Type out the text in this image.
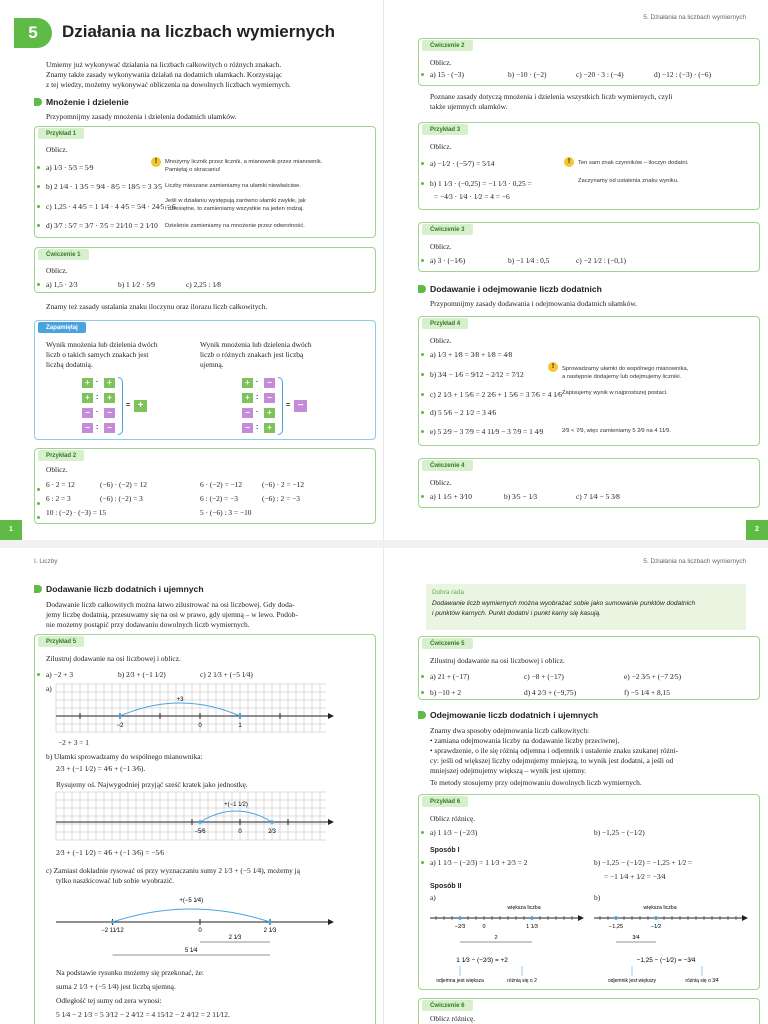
5	Działania na liczbach wymiernych
Umiemy już wykonywać działania na liczbach całkowitych o różnych znakach.
Znamy także zasady wykonywania działań na dodatnich ułamkach. Korzystając
z tej wiedzy, możemy wykonywać obliczenia na dowolnych liczbach wymiernych.
Mnożenie i dzielenie
Przypomnijmy zasady mnożenia i dzielenia dodatnich ułamków.
Przykład 1
Oblicz.
a) 1⁄3 · 5⁄3 = 5⁄9
b) 2 1⁄4 · 1 3⁄5 = 9⁄4 · 8⁄5 = 18⁄5 = 3 3⁄5
c) 1,25 · 4 4⁄5 = 1 1⁄4 · 4 4⁄5 = 5⁄4 · 24⁄5 = 6
d) 3⁄7 : 5⁄7 = 3⁄7 · 7⁄5 = 21⁄10 = 2 1⁄10
!	Mnożymy licznik przez licznik, a mianownik przez mianownik.
Pamiętaj o skracaniu!
Liczby mieszane zamieniamy na ułamki niewłaściwe.
Jeśli w działaniu występują zarówno ułamki zwykłe, jak
i dziesiętne, to zamieniamy wszystkie na jeden rodzaj.
Dzielenie zamieniamy na mnożenie przez odwrotność.
Ćwiczenie 1
Oblicz.
a) 1,5 · 2⁄3	b) 1 1⁄2 · 5⁄9	c) 2,25 : 1⁄8
Znamy też zasady ustalania znaku iloczynu oraz ilorazu liczb całkowitych.
Zapamiętaj
Wynik mnożenia lub dzielenia dwóch
liczb o takich samych znakach jest
liczbą dodatnią.
Wynik mnożenia lub dzielenia dwóch
liczb o różnych znakach jest liczbą
ujemną.
Przykład 2
Oblicz.
1
+	+
·
+	+
:
−	−
·
−	−
:
= +
+	−
·
+	−
:
−	+
·
−	+
:
= −
6 · 2 = 12	(−6) · (−2) = 12	6 · (−2) = −12	(−6) · 2 = −12
6 : 2 = 3	(−6) : (−2) = 3	6 : (−2) = −3	(−6) : 2 = −3
10 : (−2) · (−3) = 15	5 · (−6) : 3 = −10
5. Działania na liczbach wymiernych
Ćwiczenie 2
Oblicz.
a) 15 · (−3)	b) −10 · (−2)	c) −20 · 3 : (−4)	d) −12 : (−3) · (−6)
Poznane zasady dotyczą mnożenia i dzielenia wszystkich liczb wymiernych, czyli
także ujemnych ułamków.
Przykład 3
Oblicz.
a) −1⁄2 · (−5⁄7) = 5⁄14
b) 1 1⁄3 · (−0,25) = −1 1⁄3 · 0,25 =
= −4⁄3 · 1⁄4 · 1⁄2 = 4 = −6
!	Ten sam znak czynników – iloczyn dodatni.
Zaczynamy od ustalenia znaku wyniku.
Ćwiczenie 3
Oblicz.
a) 3 · (−1⁄6)	b) −1 1⁄4 : 0,5	c) −2 1⁄2 : (−0,1)
Dodawanie i odejmowanie liczb dodatnich
Przypomnijmy zasady dodawania i odejmowania dodatnich ułamków.
Przykład 4
Oblicz.
a) 1⁄3 + 1⁄8 = 3⁄8 + 1⁄8 = 4⁄8
b) 3⁄4 − 1⁄6 = 9⁄12 − 2⁄12 = 7⁄12
c) 2 1⁄3 + 1 5⁄6 = 2 2⁄6 + 1 5⁄6 = 3 7⁄6 = 4 1⁄6
d) 5 5⁄6 − 2 1⁄2 = 3 4⁄6
e) 5 2⁄9 − 3 7⁄9 = 4 11⁄9 − 3 7⁄9 = 1 4⁄9
!	Sprowadzamy ułamki do wspólnego mianownika,
a następnie dodajemy lub odejmujemy liczniki.
Zapisujemy wynik w najprostszej postaci.
2⁄9 < 7⁄9, więc zamieniamy 5 2⁄9 na 4 11⁄9.
Ćwiczenie 4
Oblicz.
a) 1 1⁄5 + 3⁄10	b) 3⁄5 − 1⁄3	c) 7 1⁄4 − 5 3⁄8
2
I. Liczby
Dodawanie liczb dodatnich i ujemnych
Dodawanie liczb całkowitych można łatwo zilustrować na osi liczbowej. Gdy doda-
jemy liczbę dodatnią, przesuwamy się na osi w prawo, gdy ujemną – w lewo. Podob-
nie możemy postąpić przy dodawaniu dowolnych liczb wymiernych.
Przykład 5
Zilustruj dodawanie na osi liczbowej i oblicz.
a) −2 + 3	b) 2⁄3 + (−1 1⁄2)	c) 2 1⁄3 + (−5 1⁄4)
a)
−2	0	1
+3
−2 + 3 = 1
b) Ułamki sprowadzamy do wspólnego mianownika:
2⁄3 + (−1 1⁄2) = 4⁄6 + (−1 3⁄6).
Rysujemy oś. Najwygodniej przyjąć sześć kratek jako jednostkę.
−5⁄6	0	2⁄3
+(−1 1⁄2)
2⁄3 + (−1 1⁄2) = 4⁄6 + (−1 3⁄6) = −5⁄6
c) Zamiast dokładnie rysować oś przy wyznaczaniu sumy 2 1⁄3 + (−5 1⁄4), możemy ją
tylko naszkicować lub sobie wyobrazić.
−2 11⁄12	0	2 1⁄3
+(−5 1⁄4)
2 1⁄3
5 1⁄4
Na podstawie rysunku możemy się przekonać, że:
suma 2 1⁄3 + (−5 1⁄4) jest liczbą ujemną.
Odległość tej sumy od zera wynosi:
5 1⁄4 − 2 1⁄3 = 5 3⁄12 − 2 4⁄12 = 4 15⁄12 − 2 4⁄12 = 2 11⁄12.
5. Działania na liczbach wymiernych
Dobra rada
Dodawanie liczb wymiernych można wyobrażać sobie jako sumowanie punktów dodatnich
i punktów karnych. Punkt dodatni i punkt karny się kasują.
Ćwiczenie 5
Zilustruj dodawanie na osi liczbowej i oblicz.
a) 21 + (−17)	c) −8 + (−17)	e) −2 3⁄5 + (−7 2⁄5)
b) −10 + 2	d) 4 2⁄3 + (−9,75)	f) −5 1⁄4 + 8,15
Odejmowanie liczb dodatnich i ujemnych
Znamy dwa sposoby odejmowania liczb całkowitych:
• zamiana odejmowania liczby na dodawanie liczby przeciwnej,
• sprawdzenie, o ile się różnią odjemna i odjemnik i ustalenie znaku szukanej różni-
cy: jeśli od większej liczby odejmujemy mniejszą, to wynik jest dodatni, a jeśli od
mniejszej odejmujemy większą – wynik jest ujemny.
Te metody stosujemy przy odejmowaniu dowolnych liczb wymiernych.
Przykład 6
Oblicz różnicę.
a) 1 1⁄3 − (−2⁄3)	b) −1,25 − (−1⁄2)
Sposób I
a) 1 1⁄3 − (−2⁄3) = 1 1⁄3 + 2⁄3 = 2	b) −1,25 − (−1⁄2) = −1,25 + 1⁄2 =
= −1 1⁄4 + 1⁄2 = −3⁄4
Sposób II
a)	b)
−2⁄3	0	1 1⁄3
większa liczba
2
1 1⁄3 − (−2⁄3) = +2
odjemna jest większa	różnią się o 2
−1,25	−1⁄2
większa liczba
3⁄4
−1,25 − (−1⁄2) = −3⁄4
odjemnik jest większy	różnią się o 3⁄4
Ćwiczenie 6
Oblicz różnicę.
